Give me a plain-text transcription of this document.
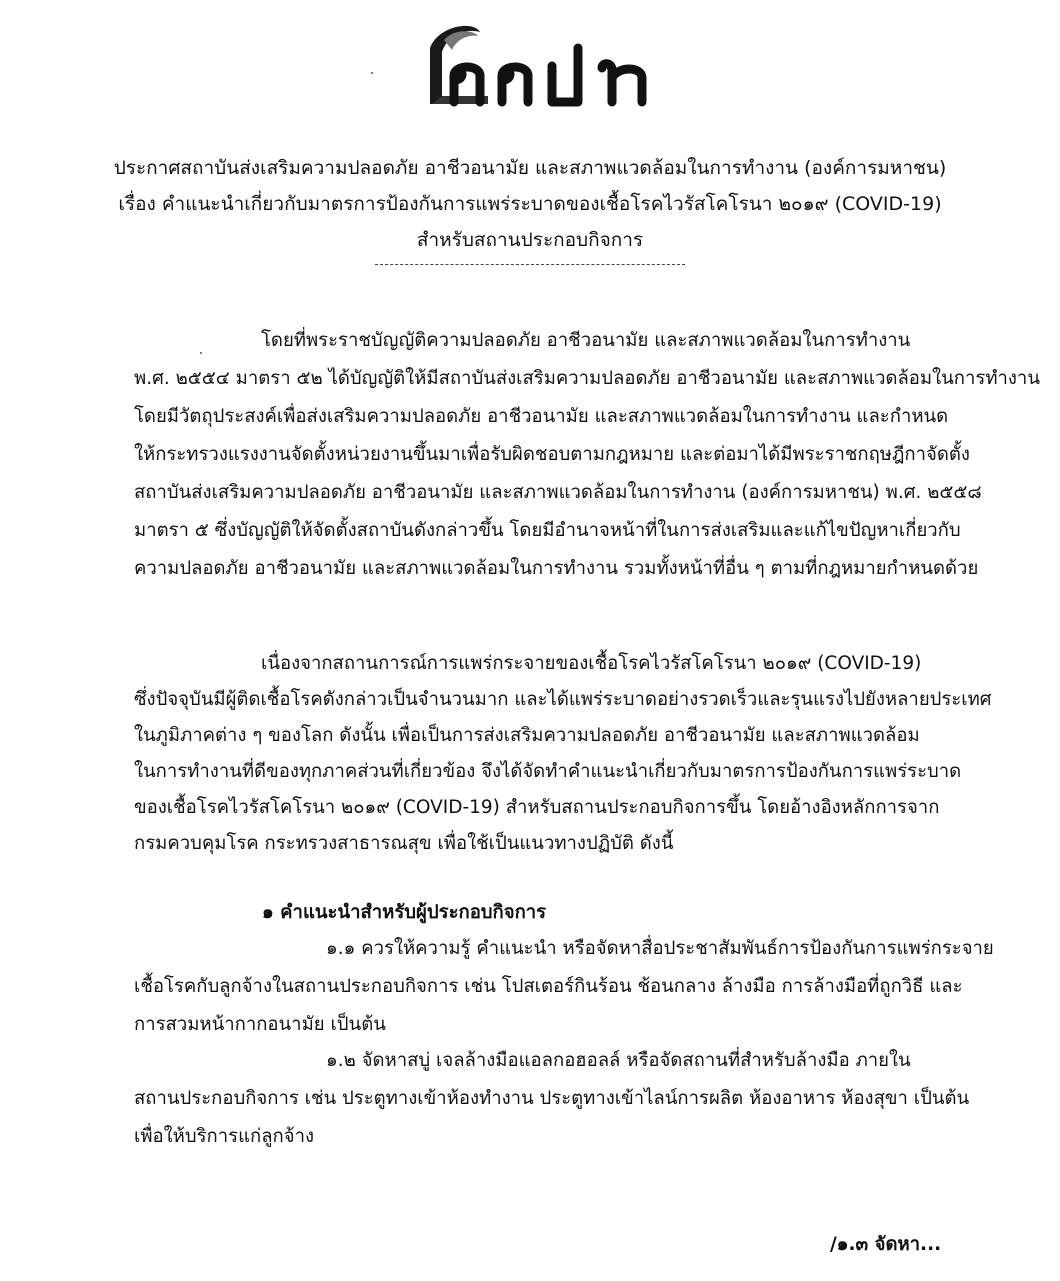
ประกาศสถาบันส่งเสริมความปลอดภัย อาชีวอนามัย และสภาพแวดล้อมในการทำงาน (องค์การมหาชน)
เรื่อง คำแนะนำเกี่ยวกับมาตรการป้องกันการแพร่ระบาดของเชื้อโรคไวรัสโคโรนา ๒๐๑๙ (COVID-19)
สำหรับสถานประกอบกิจการ
โดยที่พระราชบัญญัติความปลอดภัย อาชีวอนามัย และสภาพแวดล้อมในการทำงาน
พ.ศ. ๒๕๕๔ มาตรา ๕๒ ได้บัญญัติให้มีสถาบันส่งเสริมความปลอดภัย อาชีวอนามัย และสภาพแวดล้อมในการทำงาน
โดยมีวัตถุประสงค์เพื่อส่งเสริมความปลอดภัย อาชีวอนามัย และสภาพแวดล้อมในการทำงาน และกำหนด
ให้กระทรวงแรงงานจัดตั้งหน่วยงานขึ้นมาเพื่อรับผิดชอบตามกฎหมาย และต่อมาได้มีพระราชกฤษฎีกาจัดตั้ง
สถาบันส่งเสริมความปลอดภัย อาชีวอนามัย และสภาพแวดล้อมในการทำงาน (องค์การมหาชน) พ.ศ. ๒๕๕๘
มาตรา ๕ ซึ่งบัญญัติให้จัดตั้งสถาบันดังกล่าวขึ้น โดยมีอำนาจหน้าที่ในการส่งเสริมและแก้ไขปัญหาเกี่ยวกับ
ความปลอดภัย อาชีวอนามัย และสภาพแวดล้อมในการทำงาน รวมทั้งหน้าที่อื่น ๆ ตามที่กฎหมายกำหนดด้วย
เนื่องจากสถานการณ์การแพร่กระจายของเชื้อโรคไวรัสโคโรนา ๒๐๑๙ (COVID-19)
ซึ่งปัจจุบันมีผู้ติดเชื้อโรคดังกล่าวเป็นจำนวนมาก และได้แพร่ระบาดอย่างรวดเร็วและรุนแรงไปยังหลายประเทศ
ในภูมิภาคต่าง ๆ ของโลก ดังนั้น เพื่อเป็นการส่งเสริมความปลอดภัย อาชีวอนามัย และสภาพแวดล้อม
ในการทำงานที่ดีของทุกภาคส่วนที่เกี่ยวข้อง จึงได้จัดทำคำแนะนำเกี่ยวกับมาตรการป้องกันการแพร่ระบาด
ของเชื้อโรคไวรัสโคโรนา ๒๐๑๙ (COVID-19) สำหรับสถานประกอบกิจการขึ้น โดยอ้างอิงหลักการจาก
กรมควบคุมโรค กระทรวงสาธารณสุข เพื่อใช้เป็นแนวทางปฏิบัติ ดังนี้
๑ คำแนะนำสำหรับผู้ประกอบกิจการ
๑.๑ ควรให้ความรู้ คำแนะนำ หรือจัดหาสื่อประชาสัมพันธ์การป้องกันการแพร่กระจาย
เชื้อโรคกับลูกจ้างในสถานประกอบกิจการ เช่น โปสเตอร์กินร้อน ช้อนกลาง ล้างมือ การล้างมือที่ถูกวิธี และ
การสวมหน้ากากอนามัย เป็นต้น
๑.๒ จัดหาสบู่ เจลล้างมือแอลกอฮอลล์ หรือจัดสถานที่สำหรับล้างมือ ภายใน
สถานประกอบกิจการ เช่น ประตูทางเข้าห้องทำงาน ประตูทางเข้าไลน์การผลิต ห้องอาหาร ห้องสุขา เป็นต้น
เพื่อให้บริการแก่ลูกจ้าง
/๑.๓ จัดหา...
